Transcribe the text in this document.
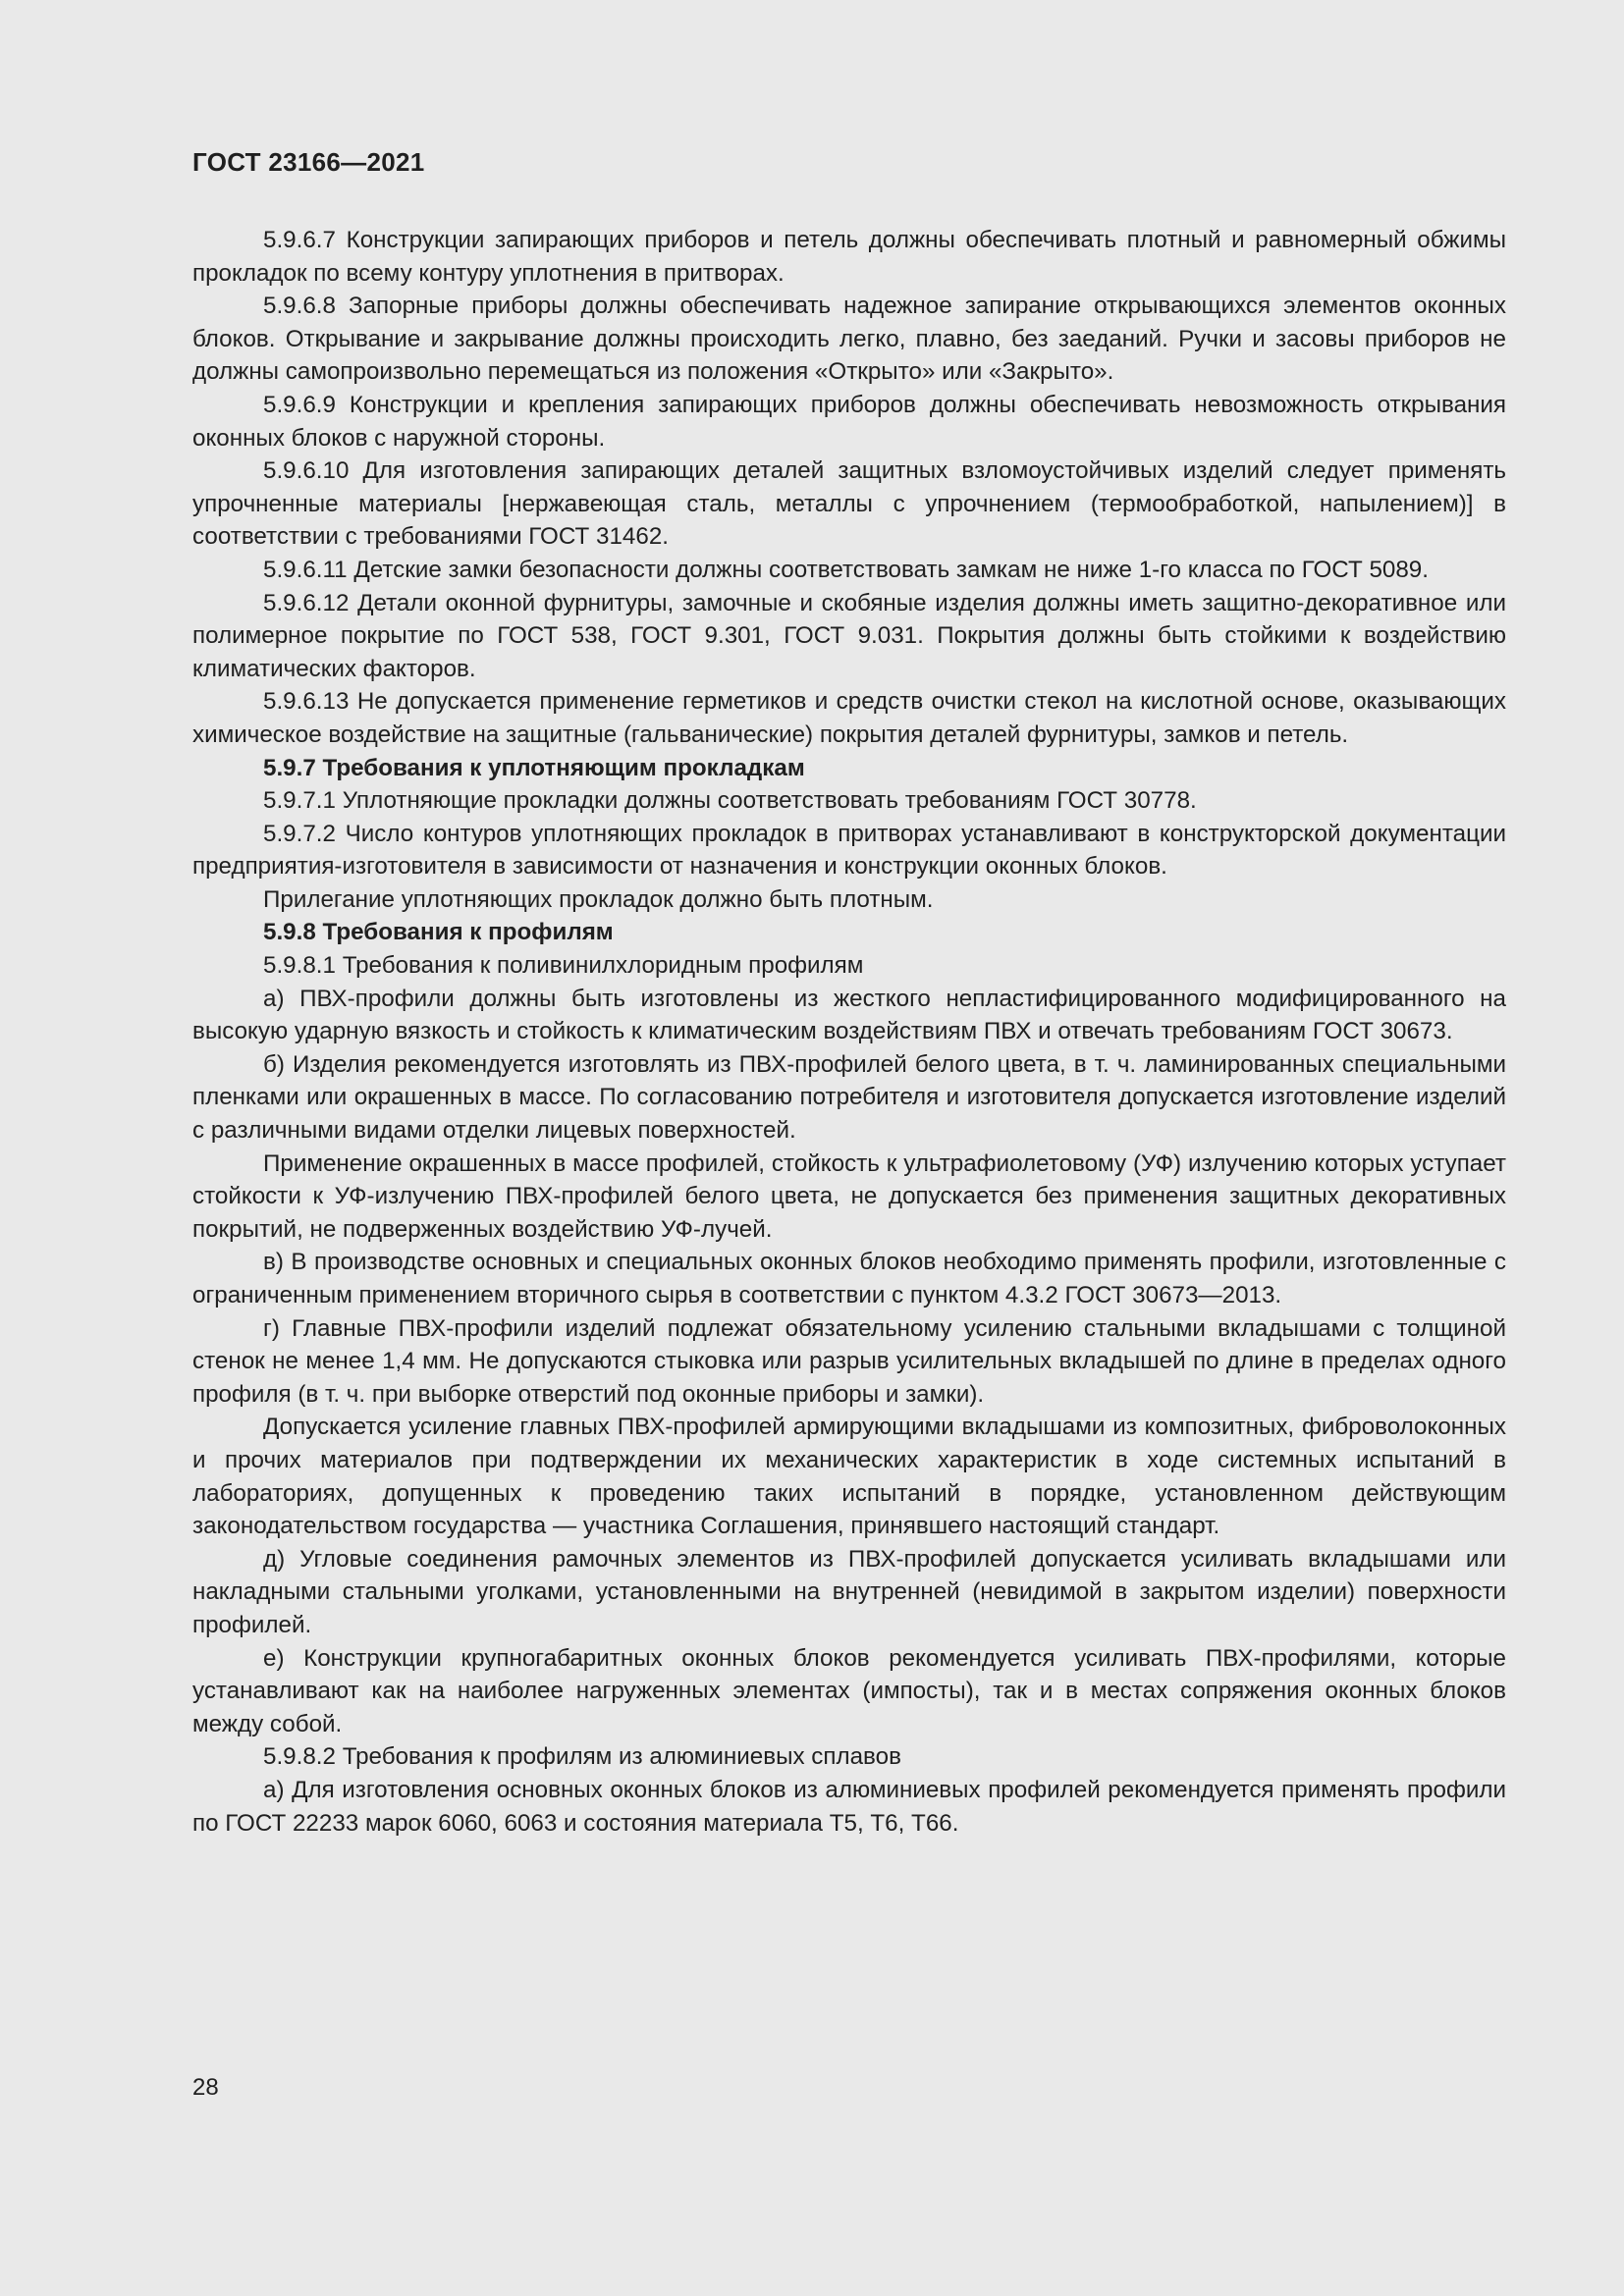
ГОСТ 23166—2021

5.9.6.7 Конструкции запирающих приборов и петель должны обеспечивать плотный и равномерный обжимы прокладок по всему контуру уплотнения в притворах.

5.9.6.8 Запорные приборы должны обеспечивать надежное запирание открывающихся элементов оконных блоков. Открывание и закрывание должны происходить легко, плавно, без заеданий. Ручки и засовы приборов не должны самопроизвольно перемещаться из положения «Открыто» или «Закрыто».

5.9.6.9 Конструкции и крепления запирающих приборов должны обеспечивать невозможность открывания оконных блоков с наружной стороны.

5.9.6.10 Для изготовления запирающих деталей защитных взломоустойчивых изделий следует применять упрочненные материалы [нержавеющая сталь, металлы с упрочнением (термообработкой, напылением)] в соответствии с требованиями ГОСТ 31462.

5.9.6.11 Детские замки безопасности должны соответствовать замкам не ниже 1-го класса по ГОСТ 5089.

5.9.6.12 Детали оконной фурнитуры, замочные и скобяные изделия должны иметь защитно-декоративное или полимерное покрытие по ГОСТ 538, ГОСТ 9.301, ГОСТ 9.031. Покрытия должны быть стойкими к воздействию климатических факторов.

5.9.6.13 Не допускается применение герметиков и средств очистки стекол на кислотной основе, оказывающих химическое воздействие на защитные (гальванические) покрытия деталей фурнитуры, замков и петель.

5.9.7 Требования к уплотняющим прокладкам

5.9.7.1 Уплотняющие прокладки должны соответствовать требованиям ГОСТ 30778.

5.9.7.2 Число контуров уплотняющих прокладок в притворах устанавливают в конструкторской документации предприятия-изготовителя в зависимости от назначения и конструкции оконных блоков.

Прилегание уплотняющих прокладок должно быть плотным.

5.9.8 Требования к профилям

5.9.8.1 Требования к поливинилхлоридным профилям

а) ПВХ-профили должны быть изготовлены из жесткого непластифицированного модифицированного на высокую ударную вязкость и стойкость к климатическим воздействиям ПВХ и отвечать требованиям ГОСТ 30673.

б) Изделия рекомендуется изготовлять из ПВХ-профилей белого цвета, в т. ч. ламинированных специальными пленками или окрашенных в массе. По согласованию потребителя и изготовителя допускается изготовление изделий с различными видами отделки лицевых поверхностей.

Применение окрашенных в массе профилей, стойкость к ультрафиолетовому (УФ) излучению которых уступает стойкости к УФ-излучению ПВХ-профилей белого цвета, не допускается без применения защитных декоративных покрытий, не подверженных воздействию УФ-лучей.

в) В производстве основных и специальных оконных блоков необходимо применять профили, изготовленные с ограниченным применением вторичного сырья в соответствии с пунктом 4.3.2 ГОСТ 30673—2013.

г) Главные ПВХ-профили изделий подлежат обязательному усилению стальными вкладышами с толщиной стенок не менее 1,4 мм. Не допускаются стыковка или разрыв усилительных вкладышей по длине в пределах одного профиля (в т. ч. при выборке отверстий под оконные приборы и замки).

Допускается усиление главных ПВХ-профилей армирующими вкладышами из композитных, фиброволоконных и прочих материалов при подтверждении их механических характеристик в ходе системных испытаний в лабораториях, допущенных к проведению таких испытаний в порядке, установленном действующим законодательством государства — участника Соглашения, принявшего настоящий стандарт.

д) Угловые соединения рамочных элементов из ПВХ-профилей допускается усиливать вкладышами или накладными стальными уголками, установленными на внутренней (невидимой в закрытом изделии) поверхности профилей.

е) Конструкции крупногабаритных оконных блоков рекомендуется усиливать ПВХ-профилями, которые устанавливают как на наиболее нагруженных элементах (импосты), так и в местах сопряжения оконных блоков между собой.

5.9.8.2 Требования к профилям из алюминиевых сплавов

а) Для изготовления основных оконных блоков из алюминиевых профилей рекомендуется применять профили по ГОСТ 22233 марок 6060, 6063 и состояния материала Т5, Т6, Т66.

28
